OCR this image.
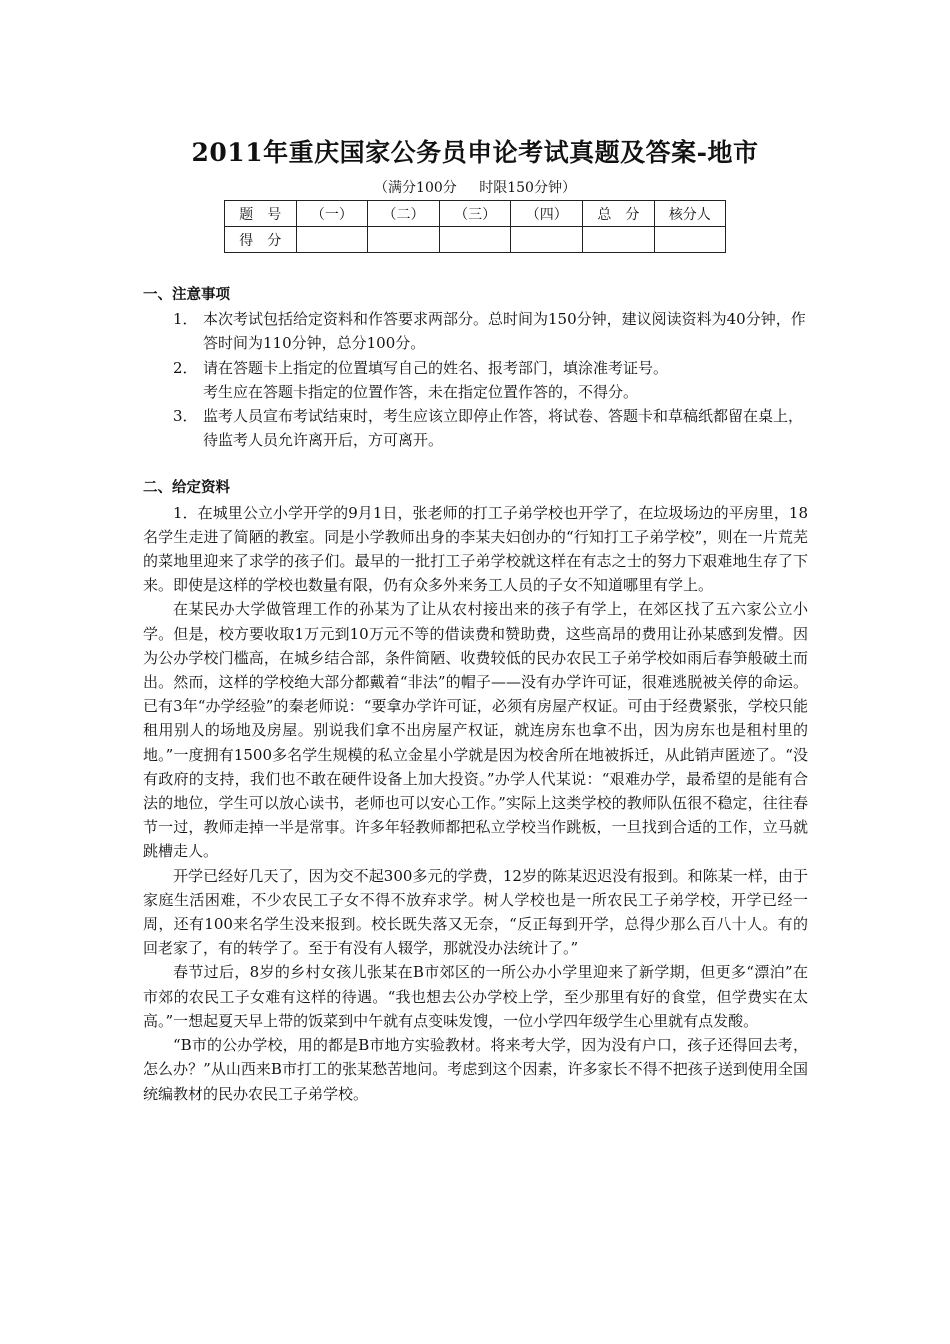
2011年重庆国家公务员申论考试真题及答案-地市
（满分100分　 时限150分钟）
题　号	（一）	（二）	（三）	（四）	总　分	核分人
得　分						
一、注意事项
1． 本次考试包括给定资料和作答要求两部分。总时间为150分钟，建议阅读资料为40分钟，作答时间为110分钟，总分100分。
2． 请在答题卡上指定的位置填写自己的姓名、报考部门，填涂准考证号。
考生应在答题卡指定的位置作答，未在指定位置作答的，不得分。
3． 监考人员宣布考试结束时，考生应该立即停止作答，将试卷、答题卡和草稿纸都留在桌上，待监考人员允许离开后，方可离开。
二、给定资料

1．在城里公立小学开学的9月1日，张老师的打工子弟学校也开学了，在垃圾场边的平房里，18名学生走进了简陋的教室。同是小学教师出身的李某夫妇创办的“行知打工子弟学校”，则在一片荒芜的菜地里迎来了求学的孩子们。最早的一批打工子弟学校就这样在有志之士的努力下艰难地生存了下来。即使是这样的学校也数量有限，仍有众多外来务工人员的子女不知道哪里有学上。

在某民办大学做管理工作的孙某为了让从农村接出来的孩子有学上，在郊区找了五六家公立小学。但是，校方要收取1万元到10万元不等的借读费和赞助费，这些高昂的费用让孙某感到发懵。因为公办学校门槛高，在城乡结合部，条件简陋、收费较低的民办农民工子弟学校如雨后春笋般破土而出。然而，这样的学校绝大部分都戴着“非法”的帽子——没有办学许可证，很难逃脱被关停的命运。已有3年“办学经验”的秦老师说：“要拿办学许可证，必须有房屋产权证。可由于经费紧张，学校只能租用别人的场地及房屋。别说我们拿不出房屋产权证，就连房东也拿不出，因为房东也是租村里的地。”一度拥有1500多名学生规模的私立金星小学就是因为校舍所在地被拆迁，从此销声匿迹了。“没有政府的支持，我们也不敢在硬件设备上加大投资。”办学人代某说：“艰难办学，最希望的是能有合法的地位，学生可以放心读书，老师也可以安心工作。”实际上这类学校的教师队伍很不稳定，往往春节一过，教师走掉一半是常事。许多年轻教师都把私立学校当作跳板，一旦找到合适的工作，立马就跳槽走人。

开学已经好几天了，因为交不起300多元的学费，12岁的陈某迟迟没有报到。和陈某一样，由于家庭生活困难，不少农民工子女不得不放弃求学。树人学校也是一所农民工子弟学校，开学已经一周，还有100来名学生没来报到。校长既失落又无奈，“反正每到开学，总得少那么百八十人。有的回老家了，有的转学了。至于有没有人辍学，那就没办法统计了。”

春节过后，8岁的乡村女孩儿张某在B市郊区的一所公办小学里迎来了新学期，但更多“漂泊”在市郊的农民工子女难有这样的待遇。“我也想去公办学校上学，至少那里有好的食堂，但学费实在太高。”一想起夏天早上带的饭菜到中午就有点变味发馊，一位小学四年级学生心里就有点发酸。

“B市的公办学校，用的都是B市地方实验教材。将来考大学，因为没有户口，孩子还得回去考，怎么办？”从山西来B市打工的张某愁苦地问。考虑到这个因素，许多家长不得不把孩子送到使用全国统编教材的民办农民工子弟学校。
